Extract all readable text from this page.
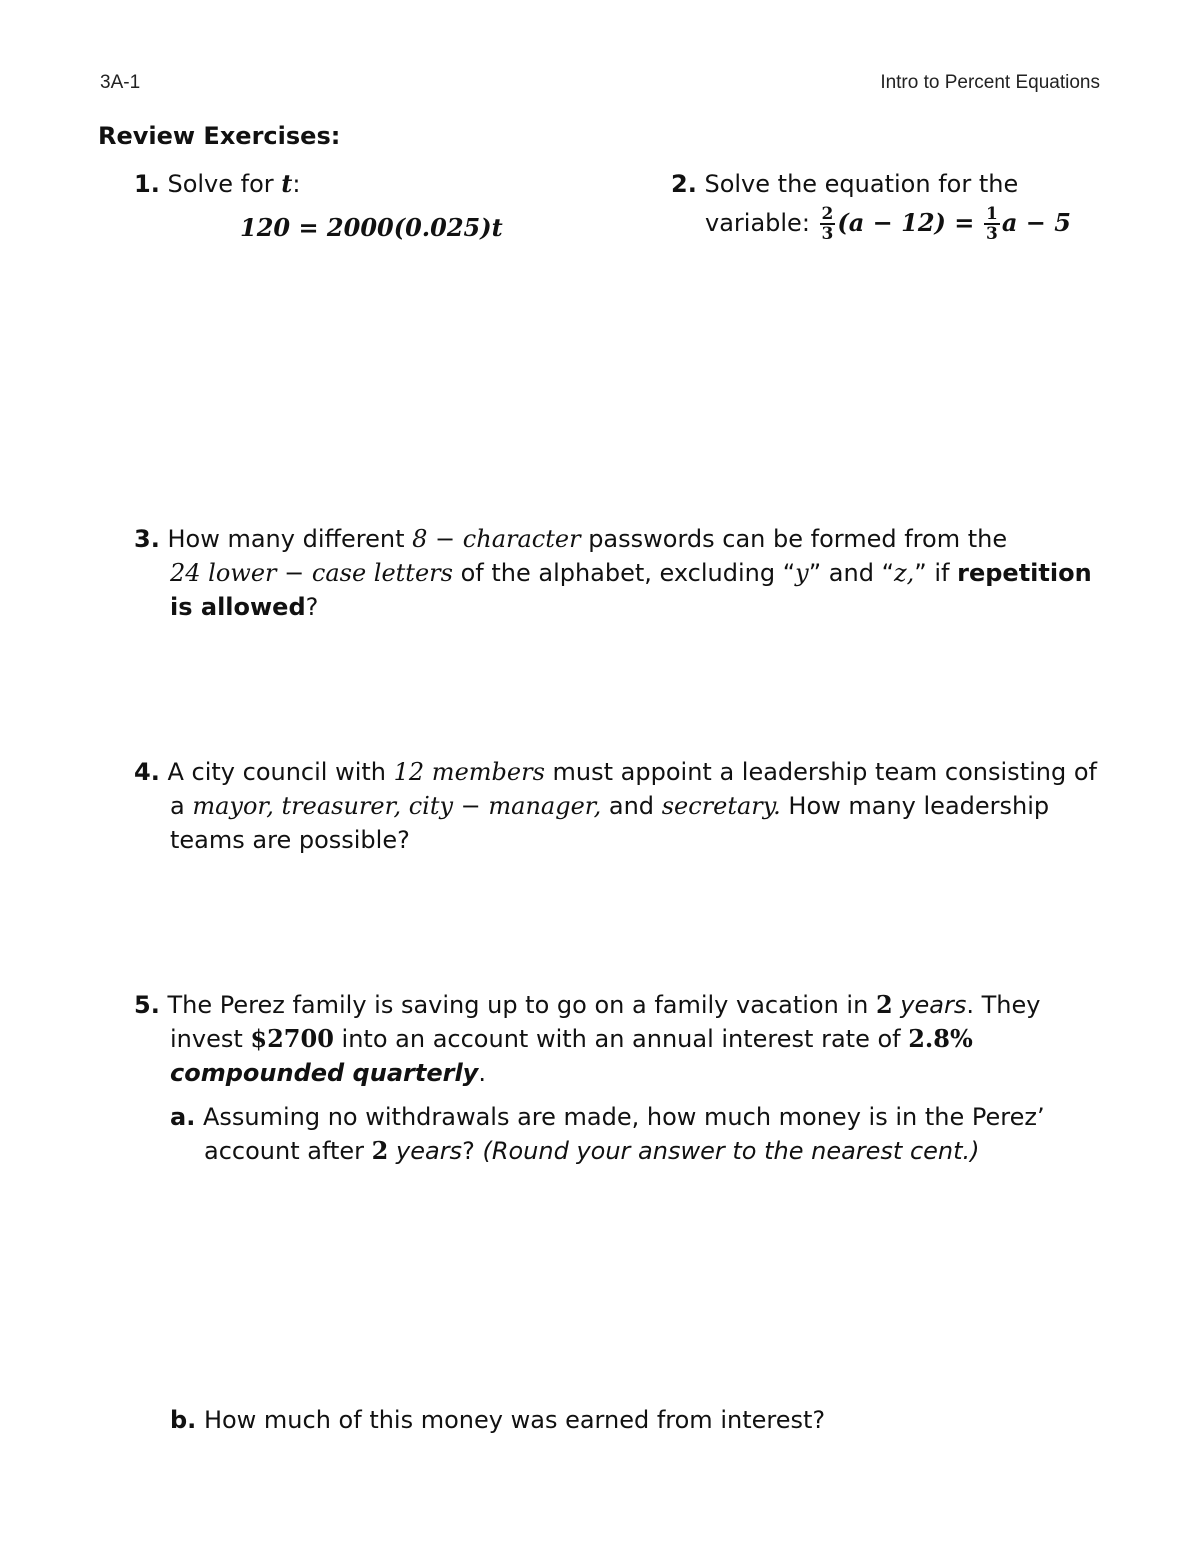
3A-1	Intro to Percent Equations
Review Exercises:
1. Solve for t:
120 = 2000(0.025)t
2. Solve the equation for the
variable: $\frac{2}{3} (a - 12) = \frac{1}{3}$ a − 5
3. How many different 8 − character passwords can be formed from the
24 lower − case letters of the alphabet, excluding “y” and “z,” if repetition
is allowed?
4. A city council with 12 members must appoint a leadership team consisting of
a mayor, treasurer, city − manager, and secretary. How many leadership
teams are possible?
5. The Perez family is saving up to go on a family vacation in 2 years. They
invest $2700 into an account with an annual interest rate of 2.8%
compounded quarterly.
a. Assuming no withdrawals are made, how much money is in the Perez’
account after 2 years? (Round your answer to the nearest cent.)
b. How much of this money was earned from interest?
